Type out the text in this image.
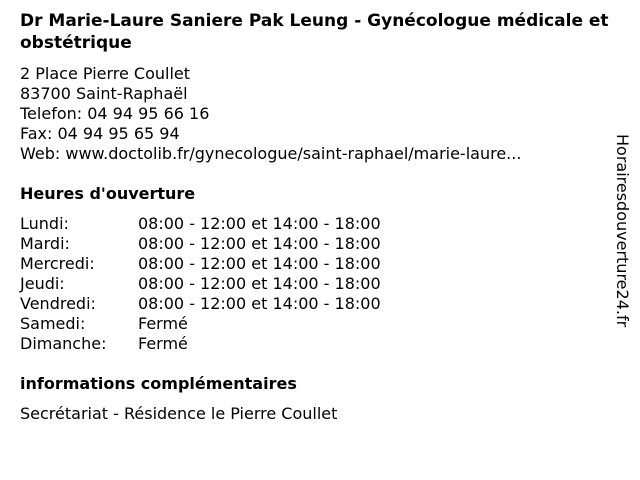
Dr Marie-Laure Saniere Pak Leung - Gynécologue médicale et obstétrique
2 Place Pierre Coullet
83700 Saint-Raphaël
Telefon: 04 94 95 66 16
Fax: 04 94 95 65 94
Web: www.doctolib.fr/gynecologue/saint-raphael/marie-laure...
Heures d'ouverture
Lundi:	08:00 - 12:00 et 14:00 - 18:00
Mardi:	08:00 - 12:00 et 14:00 - 18:00
Mercredi:	08:00 - 12:00 et 14:00 - 18:00
Jeudi:	08:00 - 12:00 et 14:00 - 18:00
Vendredi:	08:00 - 12:00 et 14:00 - 18:00
Samedi:	Fermé
Dimanche:	Fermé
informations complémentaires
Secrétariat - Résidence le Pierre Coullet
Horairesdouverture24.fr
